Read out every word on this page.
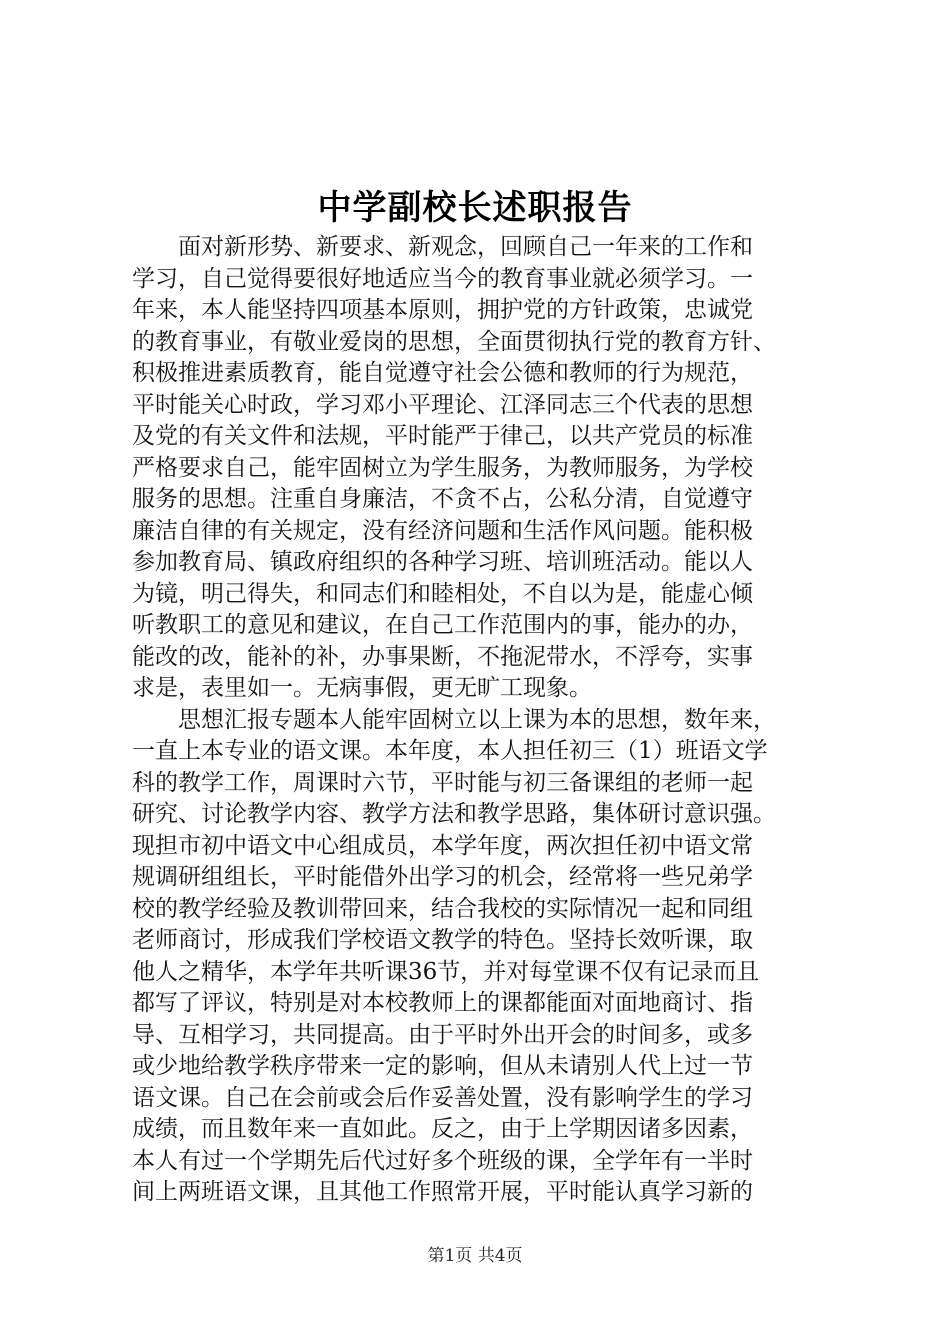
中学副校长述职报告
面对新形势、新要求、新观念，回顾自己一年来的工作和
学习，自己觉得要很好地适应当今的教育事业就必须学习。一
年来，本人能坚持四项基本原则，拥护党的方针政策，忠诚党
的教育事业，有敬业爱岗的思想，全面贯彻执行党的教育方针、
积极推进素质教育，能自觉遵守社会公德和教师的行为规范，
平时能关心时政，学习邓小平理论、江泽同志三个代表的思想
及党的有关文件和法规，平时能严于律己，以共产党员的标准
严格要求自己，能牢固树立为学生服务，为教师服务，为学校
服务的思想。注重自身廉洁，不贪不占，公私分清，自觉遵守
廉洁自律的有关规定，没有经济问题和生活作风问题。能积极
参加教育局、镇政府组织的各种学习班、培训班活动。能以人
为镜，明己得失，和同志们和睦相处，不自以为是，能虚心倾
听教职工的意见和建议，在自己工作范围内的事，能办的办，
能改的改，能补的补，办事果断，不拖泥带水，不浮夸，实事
求是，表里如一。无病事假，更无旷工现象。
思想汇报专题本人能牢固树立以上课为本的思想，数年来，
一直上本专业的语文课。本年度，本人担任初三（1）班语文学
科的教学工作，周课时六节，平时能与初三备课组的老师一起
研究、讨论教学内容、教学方法和教学思路，集体研讨意识强。
现担市初中语文中心组成员，本学年度，两次担任初中语文常
规调研组组长，平时能借外出学习的机会，经常将一些兄弟学
校的教学经验及教训带回来，结合我校的实际情况一起和同组
老师商讨，形成我们学校语文教学的特色。坚持长效听课，取
他人之精华，本学年共听课36节，并对每堂课不仅有记录而且
都写了评议，特别是对本校教师上的课都能面对面地商讨、指
导、互相学习，共同提高。由于平时外出开会的时间多，或多
或少地给教学秩序带来一定的影响，但从未请别人代上过一节
语文课。自己在会前或会后作妥善处置，没有影响学生的学习
成绩，而且数年来一直如此。反之，由于上学期因诸多因素，
本人有过一个学期先后代过好多个班级的课，全学年有一半时
间上两班语文课，且其他工作照常开展，平时能认真学习新的
第1页 共4页
